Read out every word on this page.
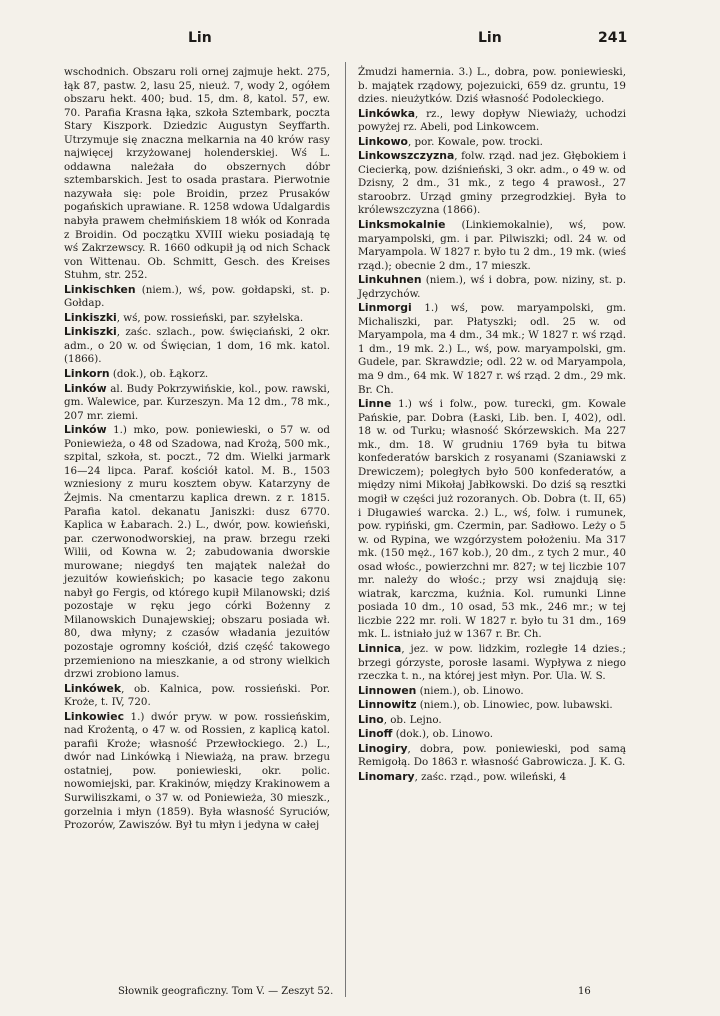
Lin	Lin	241

wschodnich. Obszaru roli ornej zajmuje hekt. 275, łąk 87, pastw. 2, lasu 25, nieuż. 7, wody 2, ogółem obszaru hekt. 400; bud. 15, dm. 8, katol. 57, ew. 70. Parafia Krasna łąka, szkoła Sztembark, poczta Stary Kiszpork. Dziedzic Augustyn Seyffarth. Utrzymuje się znaczna melkarnia na 40 krów rasy najwięcej krzyżowanej holenderskiej. Wś L. oddawna należała do obszernych dóbr sztembarskich. Jest to osada prastara. Pierwotnie nazywała się: pole Broidin, przez Prusaków pogańskich uprawiane. R. 1258 wdowa Udalgardis nabyła prawem chełmińskiem 18 włók od Konrada z Broidin. Od początku XVIII wieku posiadają tę wś Zakrzewscy. R. 1660 odkupił ją od nich Schack von Wittenau. Ob. Schmitt, Gesch. des Kreises Stuhm, str. 252.

Linkischken (niem.), wś, pow. gołdapski, st. p. Gołdap.

Linkiszki, wś, pow. rossieński, par. szyłelska.

Linkiszki, zaśc. szlach., pow. święciański, 2 okr. adm., o 20 w. od Święcian, 1 dom, 16 mk. katol. (1866).

Linkorn (dok.), ob. Łąkorz.

Linków al. Budy Pokrzywińskie, kol., pow. rawski, gm. Walewice, par. Kurzeszyn. Ma 12 dm., 78 mk., 207 mr. ziemi.

Linków 1.) mko, pow. poniewieski, o 57 w. od Poniewieża, o 48 od Szadowa, nad Krożą, 500 mk., szpital, szkoła, st. poczt., 72 dm. Wielki jarmark 16—24 lipca. Paraf. kościół katol. M. B., 1503 wzniesiony z muru kosztem obyw. Katarzyny de Żejmis. Na cmentarzu kaplica drewn. z r. 1815. Parafia katol. dekanatu Janiszki: dusz 6770. Kaplica w Łabarach. 2.) L., dwór, pow. kowieński, par. czerwonodworskiej, na praw. brzegu rzeki Wilii, od Kowna w. 2; zabudowania dworskie murowane; niegdyś ten majątek należał do jezuitów kowieńskich; po kasacie tego zakonu nabył go Fergis, od którego kupił Milanowski; dziś pozostaje w ręku jego córki Bożenny z Milanowskich Dunajewskiej; obszaru posiada wł. 80, dwa młyny; z czasów władania jezuitów pozostaje ogromny kościół, dziś część takowego przemieniono na mieszkanie, a od strony wielkich drzwi zrobiono lamus.

Linkówek, ob. Kalnica, pow. rossieński. Por. Kroże, t. IV, 720.

Linkowiec 1.) dwór pryw. w pow. rossieńskim, nad Krożentą, o 47 w. od Rossien, z kaplicą katol. parafii Kroże; własność Przewłockiego. 2.) L., dwór nad Linkówką i Niewiażą, na praw. brzegu ostatniej, pow. poniewieski, okr. polic. nowomiejski, par. Krakinów, między Krakinowem a Surwiliszkami, o 37 w. od Poniewieża, 30 mieszk., gorzelnia i młyn (1859). Była własność Syruciów, Prozorów, Zawiszów. Był tu młyn i jedyna w całej

Żmudzi hamernia. 3.) L., dobra, pow. poniewieski, b. majątek rządowy, pojezuicki, 659 dz. gruntu, 19 dzies. nieużytków. Dziś własność Podoleckiego.

Linkówka, rz., lewy dopływ Niewiaży, uchodzi powyżej rz. Abeli, pod Linkowcem.

Linkowo, por. Kowale, pow. trocki.

Linkowszczyzna, folw. rząd. nad jez. Głębokiem i Ciecierką, pow. dziśnieński, 3 okr. adm., o 49 w. od Dzisny, 2 dm., 31 mk., z tego 4 prawosł., 27 staroobrz. Urząd gminy przegrodzkiej. Była to królewszczyzna (1866).

Linksmokalnie (Linkiemokalnie), wś, pow. maryampolski, gm. i par. Pilwiszki; odl. 24 w. od Maryampola. W 1827 r. było tu 2 dm., 19 mk. (wieś rząd.); obecnie 2 dm., 17 mieszk.

Linkuhnen (niem.), wś i dobra, pow. niziny, st. p. Jędrzychów.

Linmorgi 1.) wś, pow. maryampolski, gm. Michaliszki, par. Płatyszki; odl. 25 w. od Maryampola, ma 4 dm., 34 mk.; W 1827 r. wś rząd. 1 dm., 19 mk. 2.) L., wś, pow. maryampolski, gm. Gudele, par. Skrawdzie; odl. 22 w. od Maryampola, ma 9 dm., 64 mk. W 1827 r. wś rząd. 2 dm., 29 mk. Br. Ch.

Linne 1.) wś i folw., pow. turecki, gm. Kowale Pańskie, par. Dobra (Łaski, Lib. ben. I, 402), odl. 18 w. od Turku; własność Skórzewskich. Ma 227 mk., dm. 18. W grudniu 1769 była tu bitwa konfederatów barskich z rosyanami (Szaniawski z Drewiczem); poległych było 500 konfederatów, a między nimi Mikołaj Jabłkowski. Do dziś są resztki mogił w części już rozoranych. Ob. Dobra (t. II, 65) i Długawieś warcka. 2.) L., wś, folw. i rumunek, pow. rypiński, gm. Czermin, par. Sadłowo. Leży o 5 w. od Rypina, we wzgórzystem położeniu. Ma 317 mk. (150 męż., 167 kob.), 20 dm., z tych 2 mur., 40 osad włośc., powierzchni mr. 827; w tej liczbie 107 mr. należy do włośc.; przy wsi znajdują się: wiatrak, karczma, kuźnia. Kol. rumunki Linne posiada 10 dm., 10 osad, 53 mk., 246 mr.; w tej liczbie 222 mr. roli. W 1827 r. było tu 31 dm., 169 mk. L. istniało już w 1367 r. Br. Ch.

Linnica, jez. w pow. lidzkim, rozległe 14 dzies.; brzegi górzyste, porosłe lasami. Wypływa z niego rzeczka t. n., na której jest młyn. Por. Ula. W. S.

Linnowen (niem.), ob. Linowo.

Linnowitz (niem.), ob. Linowiec, pow. lubawski.

Lino, ob. Lejno.

Linoff (dok.), ob. Linowo.

Linogiry, dobra, pow. poniewieski, pod samą Remigołą. Do 1863 r. własność Gabrowicza. J. K. G.

Linomary, zaśc. rząd., pow. wileński, 4

Słownik geograficzny. Tom V. — Zeszyt 52.	16
